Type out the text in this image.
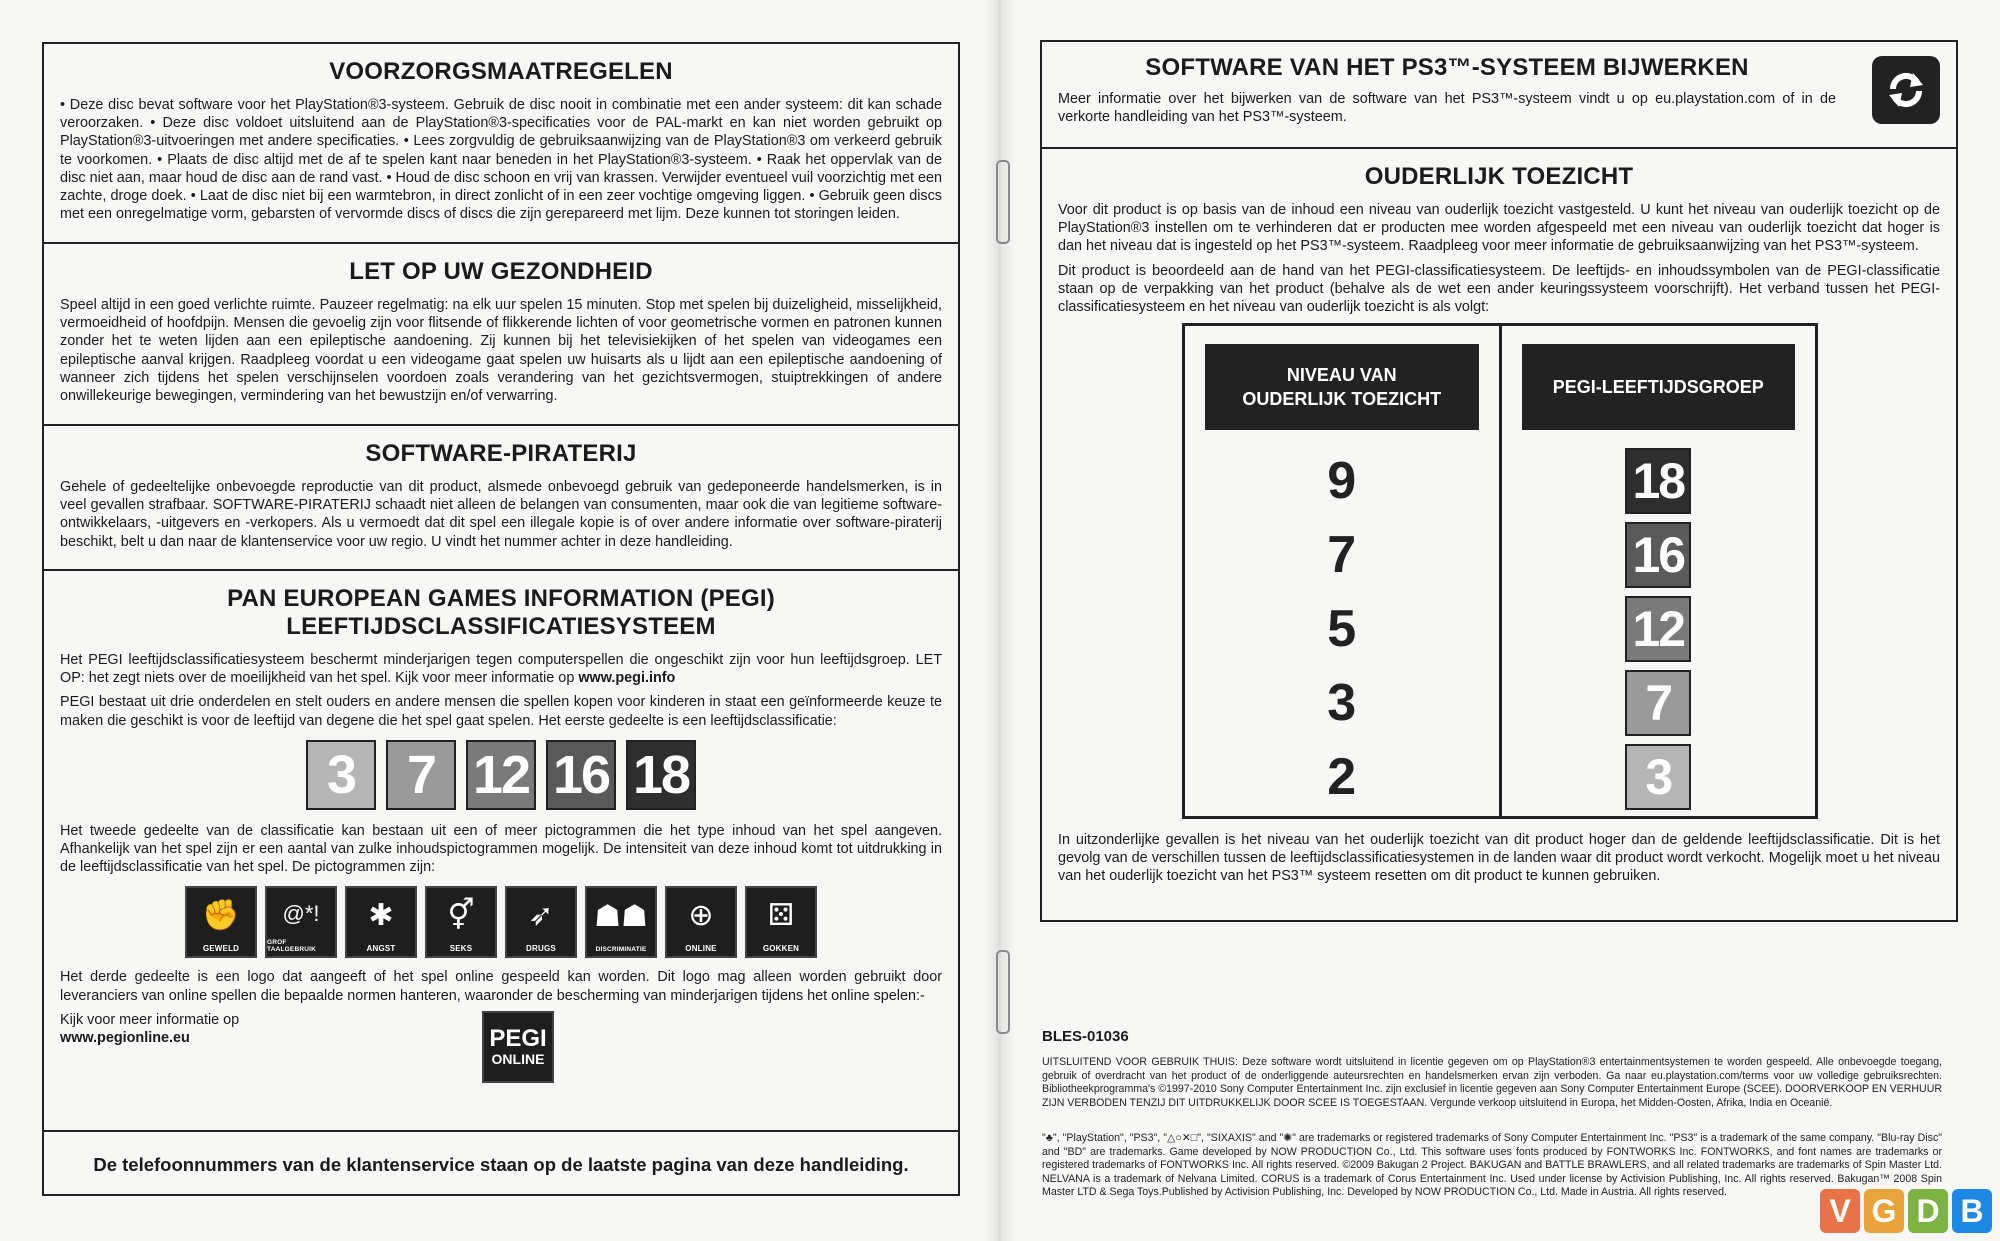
VOORZORGSMAATREGELEN

• Deze disc bevat software voor het PlayStation®3-systeem. Gebruik de disc nooit in combinatie met een ander systeem: dit kan schade veroorzaken. • Deze disc voldoet uitsluitend aan de PlayStation®3-specificaties voor de PAL-markt en kan niet worden gebruikt op PlayStation®3-uitvoeringen met andere specificaties. • Lees zorgvuldig de gebruiksaanwijzing van de PlayStation®3 om verkeerd gebruik te voorkomen. • Plaats de disc altijd met de af te spelen kant naar beneden in het PlayStation®3-systeem. • Raak het oppervlak van de disc niet aan, maar houd de disc aan de rand vast. • Houd de disc schoon en vrij van krassen. Verwijder eventueel vuil voorzichtig met een zachte, droge doek. • Laat de disc niet bij een warmtebron, in direct zonlicht of in een zeer vochtige omgeving liggen. • Gebruik geen discs met een onregelmatige vorm, gebarsten of vervormde discs of discs die zijn gerepareerd met lijm. Deze kunnen tot storingen leiden.

LET OP UW GEZONDHEID

Speel altijd in een goed verlichte ruimte. Pauzeer regelmatig: na elk uur spelen 15 minuten. Stop met spelen bij duizeligheid, misselijkheid, vermoeidheid of hoofdpijn. Mensen die gevoelig zijn voor flitsende of flikkerende lichten of voor geometrische vormen en patronen kunnen zonder het te weten lijden aan een epileptische aandoening. Zij kunnen bij het televisiekijken of het spelen van videogames een epileptische aanval krijgen. Raadpleeg voordat u een videogame gaat spelen uw huisarts als u lijdt aan een epileptische aandoening of wanneer zich tijdens het spelen verschijnselen voordoen zoals verandering van het gezichtsvermogen, stuiptrekkingen of andere onwillekeurige bewegingen, vermindering van het bewustzijn en/of verwarring.

SOFTWARE-PIRATERIJ

Gehele of gedeeltelijke onbevoegde reproductie van dit product, alsmede onbevoegd gebruik van gedeponeerde handelsmerken, is in veel gevallen strafbaar. SOFTWARE-PIRATERIJ schaadt niet alleen de belangen van consumenten, maar ook die van legitieme software-ontwikkelaars, -uitgevers en -verkopers. Als u vermoedt dat dit spel een illegale kopie is of over andere informatie over software-piraterij beschikt, belt u dan naar de klantenservice voor uw regio. U vindt het nummer achter in deze handleiding.

PAN EUROPEAN GAMES INFORMATION (PEGI)
LEEFTIJDSCLASSIFICATIESYSTEEM

Het PEGI leeftijdsclassificatiesysteem beschermt minderjarigen tegen computerspellen die ongeschikt zijn voor hun leeftijdsgroep. LET OP: het zegt niets over de moeilijkheid van het spel. Kijk voor meer informatie op www.pegi.info

PEGI bestaat uit drie onderdelen en stelt ouders en andere mensen die spellen kopen voor kinderen in staat een geïnformeerde keuze te maken die geschikt is voor de leeftijd van degene die het spel gaat spelen. Het eerste gedeelte is een leeftijdsclassificatie:

3 7 12 16 18

Het tweede gedeelte van de classificatie kan bestaan uit een of meer pictogrammen die het type inhoud van het spel aangeven. Afhankelijk van het spel zijn er een aantal van zulke inhoudspictogrammen mogelijk. De intensiteit van deze inhoud komt tot uitdrukking in de leeftijdsclassificatie van het spel. De pictogrammen zijn:

✊
GEWELD
@*!
GROF TAALGEBRUIK
✱
ANGST
⚥
SEKS
➶
DRUGS
☗☗
DISCRIMINATIE
⊕
ONLINE
⚄
GOKKEN

Het derde gedeelte is een logo dat aangeeft of het spel online gespeeld kan worden. Dit logo mag alleen worden gebruikt door leveranciers van online spellen die bepaalde normen hanteren, waaronder de bescherming van minderjarigen tijdens het online spelen:-

Kijk voor meer informatie op
www.pegionline.eu	PEGI
ONLINE
De telefoonnummers van de klantenservice staan op de laatste pagina van deze handleiding.
SOFTWARE VAN HET PS3™-SYSTEEM BIJWERKEN

Meer informatie over het bijwerken van de software van het PS3™-systeem vindt u op eu.playstation.com of in de verkorte handleiding van het PS3™-systeem.

OUDERLIJK TOEZICHT

Voor dit product is op basis van de inhoud een niveau van ouderlijk toezicht vastgesteld. U kunt het niveau van ouderlijk toezicht op de PlayStation®3 instellen om te verhinderen dat er producten mee worden afgespeeld met een niveau van ouderlijk toezicht dat hoger is dan het niveau dat is ingesteld op het PS3™-systeem. Raadpleeg voor meer informatie de gebruiksaanwijzing van het PS3™-systeem.

Dit product is beoordeeld aan de hand van het PEGI-classificatiesysteem. De leeftijds- en inhoudssymbolen van de PEGI-classificatie staan op de verpakking van het product (behalve als de wet een ander keuringssysteem voorschrijft). Het verband tussen het PEGI-classificatiesysteem en het niveau van ouderlijk toezicht is als volgt:

In uitzonderlijke gevallen is het niveau van het ouderlijk toezicht van dit product hoger dan de geldende leeftijdsclassificatie. Dit is het gevolg van de verschillen tussen de leeftijdsclassificatiesystemen in de landen waar dit product wordt verkocht. Mogelijk moet u het niveau van het ouderlijk toezicht van het PS3™ systeem resetten om dit product te kunnen gebruiken.

NIVEAU VAN
OUDERLIJK TOEZICHT
9
7
5
3
2
PEGI-LEEFTIJDSGROEP
18
16
12
7
3
BLES-01036
UITSLUITEND VOOR GEBRUIK THUIS: Deze software wordt uitsluitend in licentie gegeven om op PlayStation®3 entertainmentsystemen te worden gespeeld. Alle onbevoegde toegang, gebruik of overdracht van het product of de onderliggende auteursrechten en handelsmerken ervan zijn verboden. Ga naar eu.playstation.com/terms voor uw volledige gebruiksrechten. Bibliotheekprogramma's ©1997-2010 Sony Computer Entertainment Inc. zijn exclusief in licentie gegeven aan Sony Computer Entertainment Europe (SCEE). DOORVERKOOP EN VERHUUR ZIJN VERBODEN TENZIJ DIT UITDRUKKELIJK DOOR SCEE IS TOEGESTAAN. Vergunde verkoop uitsluitend in Europa, het Midden-Oosten, Afrika, India en Oceanië.
"♣", "PlayStation", "PS3", "△○✕□", "SIXAXIS" and "✺" are trademarks or registered trademarks of Sony Computer Entertainment Inc. "PS3" is a trademark of the same company. "Blu-ray Disc" and "BD" are trademarks. Game developed by NOW PRODUCTION Co., Ltd. This software uses fonts produced by FONTWORKS Inc. FONTWORKS, and font names are trademarks or registered trademarks of FONTWORKS Inc. All rights reserved. ©2009 Bakugan 2 Project. BAKUGAN and BATTLE BRAWLERS, and all related trademarks are trademarks of Spin Master Ltd. NELVANA is a trademark of Nelvana Limited. CORUS is a trademark of Corus Entertainment Inc. Used under license by Activision Publishing, Inc. All rights reserved. Bakugan™ 2008 Spin Master LTD & Sega Toys.Published by Activision Publishing, Inc. Developed by NOW PRODUCTION Co., Ltd. Made in Austria. All rights reserved.
V G D B
